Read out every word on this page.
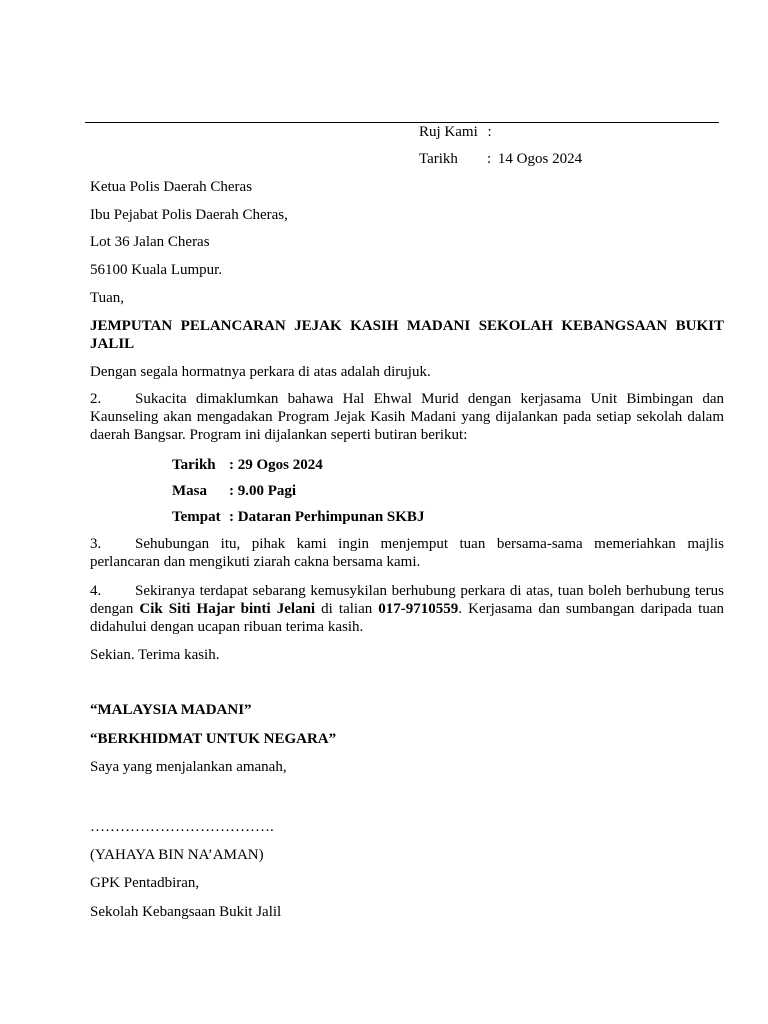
Ruj Kami :
Tarikh : 14 Ogos 2024
Ketua Polis Daerah Cheras
Ibu Pejabat Polis Daerah Cheras,
Lot 36 Jalan Cheras
56100 Kuala Lumpur.
Tuan,
JEMPUTAN PELANCARAN JEJAK KASIH MADANI SEKOLAH KEBANGSAAN BUKIT JALIL
Dengan segala hormatnya perkara di atas adalah dirujuk.
2. Sukacita dimaklumkan bahawa Hal Ehwal Murid dengan kerjasama Unit Bimbingan dan Kaunseling akan mengadakan Program Jejak Kasih Madani yang dijalankan pada setiap sekolah dalam daerah Bangsar. Program ini dijalankan seperti butiran berikut:
Tarikh : 29 Ogos 2024
Masa : 9.00 Pagi
Tempat : Dataran Perhimpunan SKBJ
3. Sehubungan itu, pihak kami ingin menjemput tuan bersama-sama memeriahkan majlis perlancaran dan mengikuti ziarah cakna bersama kami.
4. Sekiranya terdapat sebarang kemusykilan berhubung perkara di atas, tuan boleh berhubung terus dengan Cik Siti Hajar binti Jelani di talian 017-9710559. Kerjasama dan sumbangan daripada tuan didahului dengan ucapan ribuan terima kasih.
Sekian. Terima kasih.
“MALAYSIA MADANI”
“BERKHIDMAT UNTUK NEGARA”
Saya yang menjalankan amanah,
……………………………….
(YAHAYA BIN NA’AMAN)
GPK Pentadbiran,
Sekolah Kebangsaan Bukit Jalil
